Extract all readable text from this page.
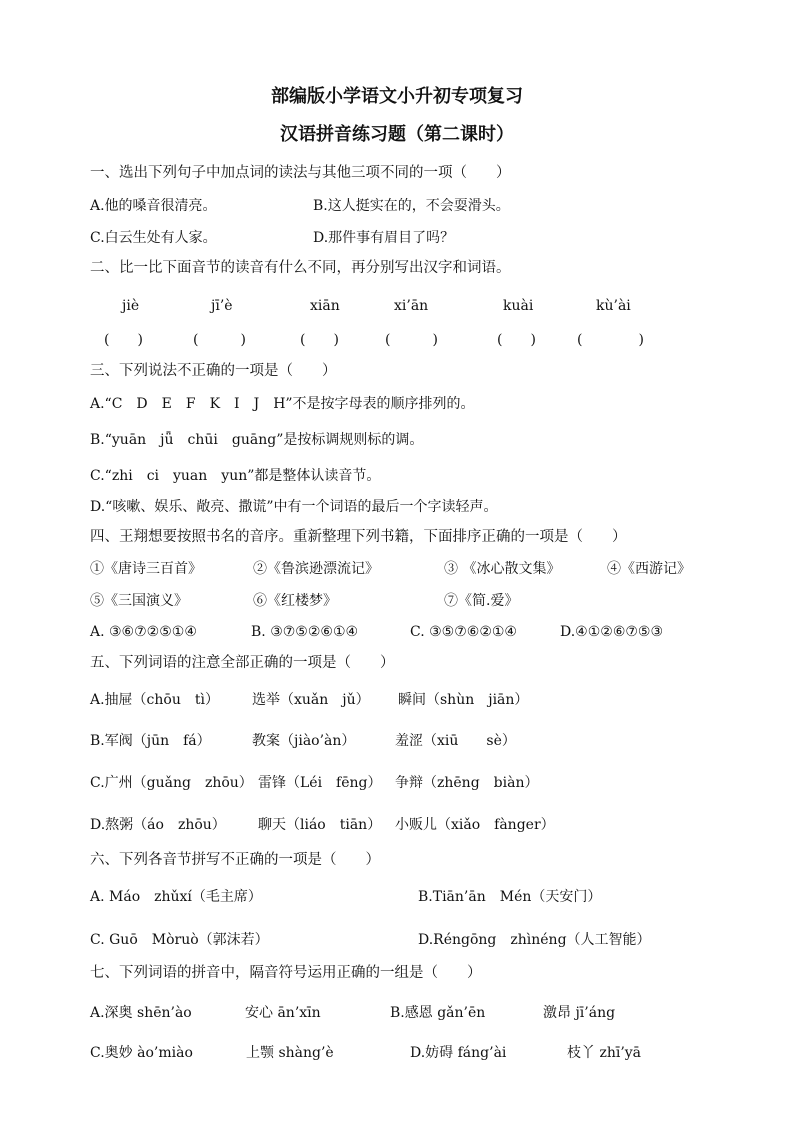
部编版小学语文小升初专项复习
汉语拼音练习题（第二课时）
一、选出下列句子中加点词的读法与其他三项不同的一项（　　）
A.他的嗓音很清亮。	B.这人挺实在的，不会耍滑头。
C.白云生处有人家。	D.那件事有眉目了吗？
二、比一比下面音节的读音有什么不同，再分别写出汉字和词语。
jiè	jī’è	xiān	xi’ān	kuài	kù’ài
(　　)	(　　　)	(　　)	(　　　)	(　　)	(　　　　)
三、下列说法不正确的一项是（　　）
A.“C　D　E　F　K　I　J　H”不是按字母表的顺序排列的。
B.“yuān　jǖ　chūi　guāng”是按标调规则标的调。
C.“zhi　ci　yuan　yun”都是整体认读音节。
D.“咳嗽、娱乐、敞亮、撒谎”中有一个词语的最后一个字读轻声。
四、王翔想要按照书名的音序。重新整理下列书籍，下面排序正确的一项是（　　）
①《唐诗三百首》	②《鲁滨逊漂流记》	③ 《冰心散文集》	④《西游记》
⑤《三国演义》	⑥《红楼梦》	⑦《简.爱》
A. ③⑥⑦②⑤①④	B. ③⑦⑤②⑥①④	C. ③⑤⑦⑥②①④	D.④①②⑥⑦⑤③
五、下列词语的注意全部正确的一项是（　　）
A.抽屉（chōu　tì） 选举（xuǎn　jǔ） 瞬间（shùn　jiān）
B.军阀（jūn　fá）	教案（jiào’àn）	羞涩（xiū　　sè）
C.广州（guǎng　zhōu） 雷锋（Léi　fēng） 争辩（zhēng　biàn）
D.熬粥（áo　zhōu） 聊天（liáo　tiān） 小贩儿（xiǎo　fànger）
六、下列各音节拼写不正确的一项是（　　）
A. Máo　zhǔxí（毛主席）	B.Tiān’ān　Mén（天安门）
C. Guō　Mòruò（郭沫若）	D.Réngōng　zhìnéng（人工智能）
七、下列词语的拼音中，隔音符号运用正确的一组是（　　）
A.深奥 shēn’ào	安心 ān’xīn	B.感恩 gǎn’ēn	激昂 jī’áng
C.奥妙 ào’miào	上颚 shàng’è	D.妨碍 fáng’ài	枝丫 zhī’yā
